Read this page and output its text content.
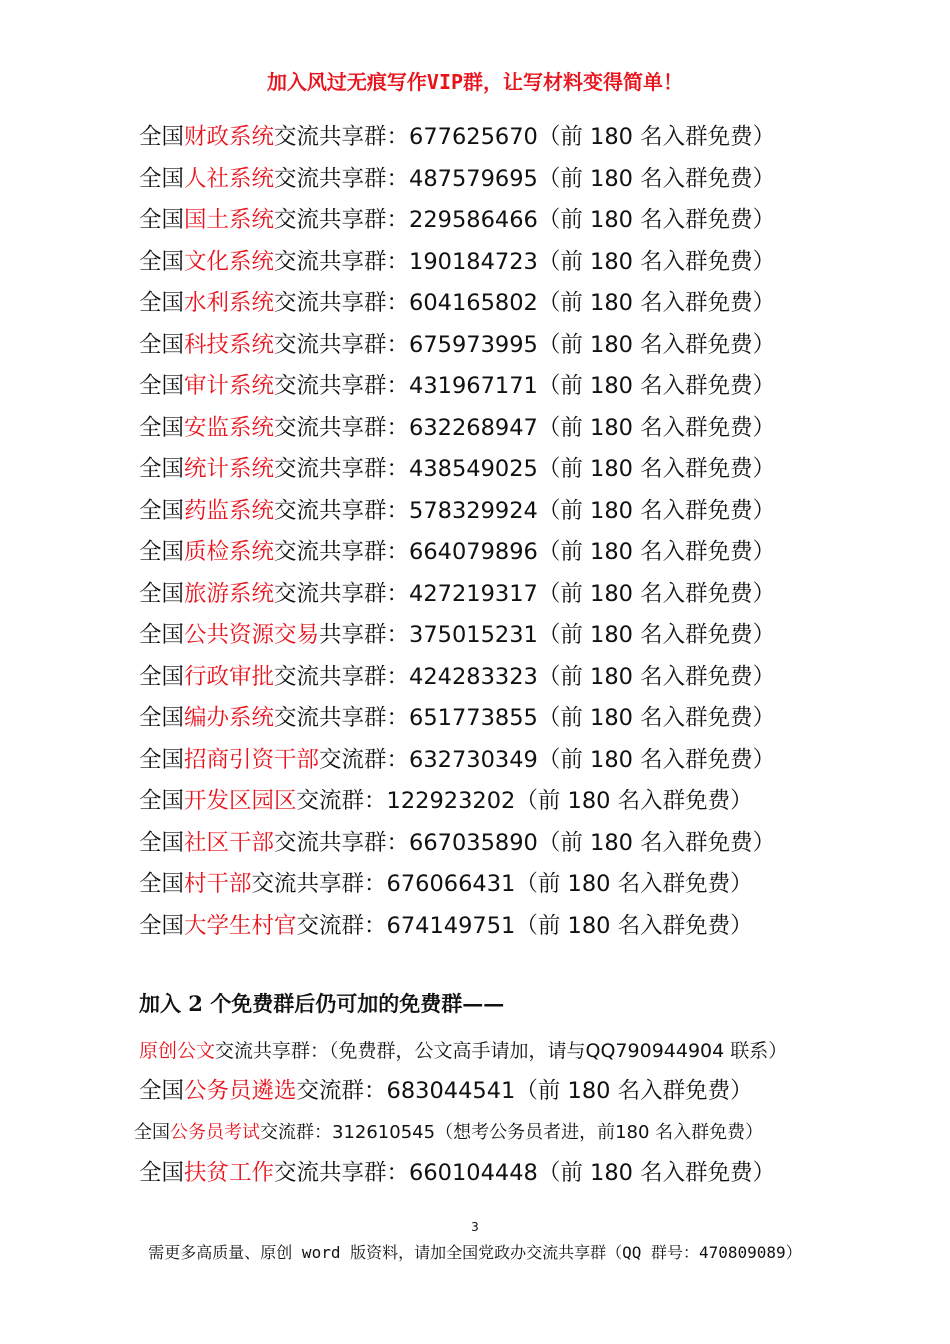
加入风过无痕写作VIP群，让写材料变得简单！
全国财政系统交流共享群：677625670（前 180 名入群免费）
全国人社系统交流共享群：487579695（前 180 名入群免费）
全国国土系统交流共享群：229586466（前 180 名入群免费）
全国文化系统交流共享群：190184723（前 180 名入群免费）
全国水利系统交流共享群：604165802（前 180 名入群免费）
全国科技系统交流共享群：675973995（前 180 名入群免费）
全国审计系统交流共享群：431967171（前 180 名入群免费）
全国安监系统交流共享群：632268947（前 180 名入群免费）
全国统计系统交流共享群：438549025（前 180 名入群免费）
全国药监系统交流共享群：578329924（前 180 名入群免费）
全国质检系统交流共享群：664079896（前 180 名入群免费）
全国旅游系统交流共享群：427219317（前 180 名入群免费）
全国公共资源交易共享群：375015231（前 180 名入群免费）
全国行政审批交流共享群：424283323（前 180 名入群免费）
全国编办系统交流共享群：651773855（前 180 名入群免费）
全国招商引资干部交流群：632730349（前 180 名入群免费）
全国开发区园区交流群：122923202（前 180 名入群免费）
全国社区干部交流共享群：667035890（前 180 名入群免费）
全国村干部交流共享群：676066431（前 180 名入群免费）
全国大学生村官交流群：674149751（前 180 名入群免费）
加入 2 个免费群后仍可加的免费群——
原创公文交流共享群：（免费群，公文高手请加，请与QQ790944904 联系）
全国公务员遴选交流群：683044541（前 180 名入群免费）
全国公务员考试交流群：312610545（想考公务员者进，前180 名入群免费）
全国扶贫工作交流共享群：660104448（前 180 名入群免费）
3
需更多高质量、原创 word 版资料，请加全国党政办交流共享群（QQ 群号：470809089）
